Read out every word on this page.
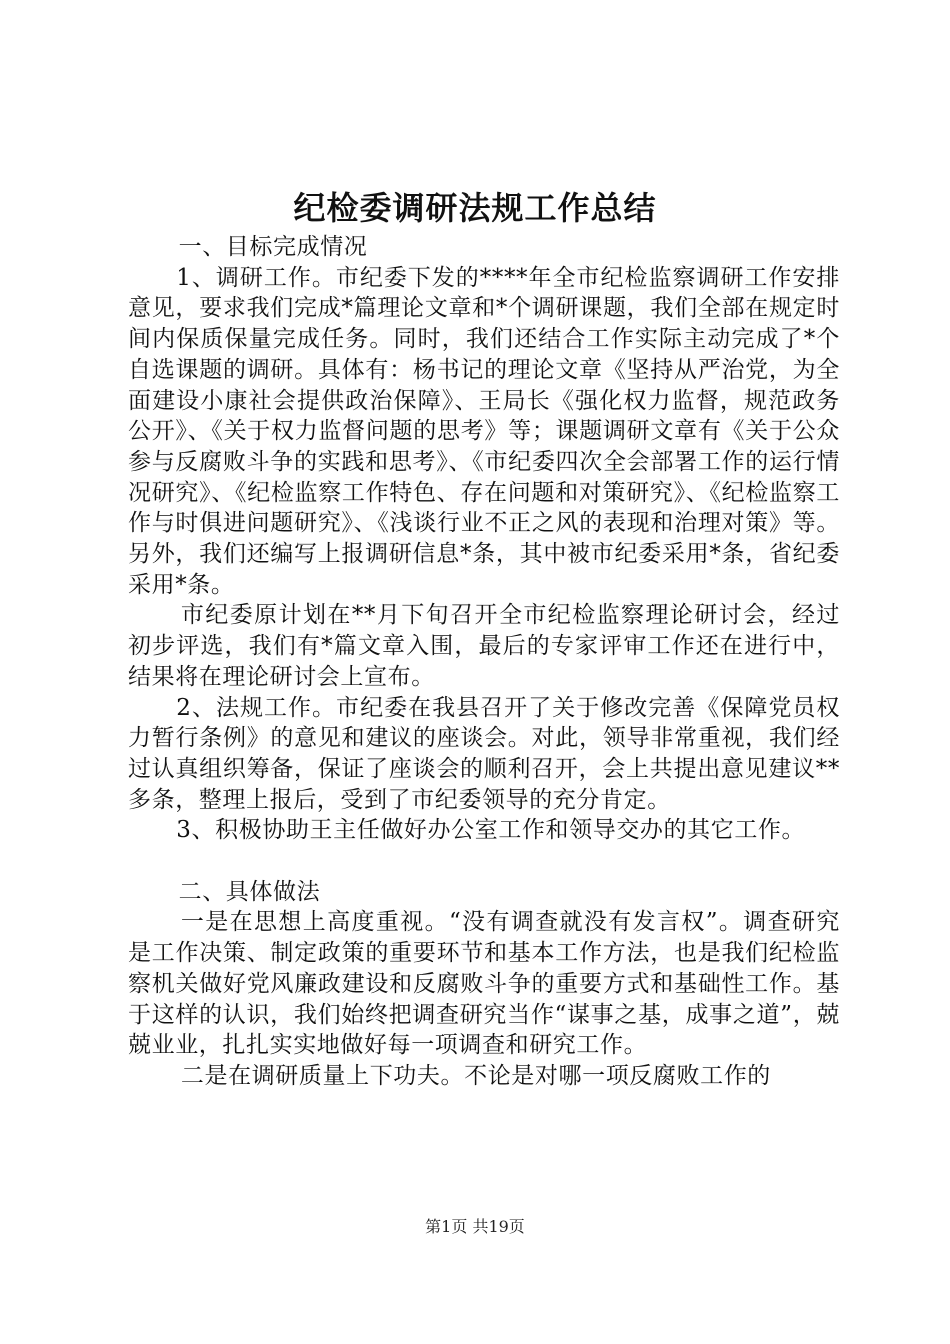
纪检委调研法规工作总结

一、目标完成情况

1、调研工作。市纪委下发的****年全市纪检监察调研工作安排意见，要求我们完成*篇理论文章和*个调研课题，我们全部在规定时间内保质保量完成任务。同时，我们还结合工作实际主动完成了*个自选课题的调研。具体有：杨书记的理论文章《坚持从严治党，为全面建设小康社会提供政治保障》、王局长《强化权力监督，规范政务公开》、《关于权力监督问题的思考》等；课题调研文章有《关于公众参与反腐败斗争的实践和思考》、《市纪委四次全会部署工作的运行情况研究》、《纪检监察工作特色、存在问题和对策研究》、《纪检监察工作与时俱进问题研究》、《浅谈行业不正之风的表现和治理对策》等。另外，我们还编写上报调研信息*条，其中被市纪委采用*条，省纪委采用*条。

市纪委原计划在**月下旬召开全市纪检监察理论研讨会，经过初步评选，我们有*篇文章入围，最后的专家评审工作还在进行中，结果将在理论研讨会上宣布。

2、法规工作。市纪委在我县召开了关于修改完善《保障党员权力暂行条例》的意见和建议的座谈会。对此，领导非常重视，我们经过认真组织筹备，保证了座谈会的顺利召开，会上共提出意见建议**多条，整理上报后，受到了市纪委领导的充分肯定。

3、积极协助王主任做好办公室工作和领导交办的其它工作。

二、具体做法

一是在思想上高度重视。“没有调查就没有发言权”。调查研究是工作决策、制定政策的重要环节和基本工作方法，也是我们纪检监察机关做好党风廉政建设和反腐败斗争的重要方式和基础性工作。基于这样的认识，我们始终把调查研究当作“谋事之基，成事之道”，兢兢业业，扎扎实实地做好每一项调查和研究工作。

二是在调研质量上下功夫。不论是对哪一项反腐败工作的

第1页 共19页
